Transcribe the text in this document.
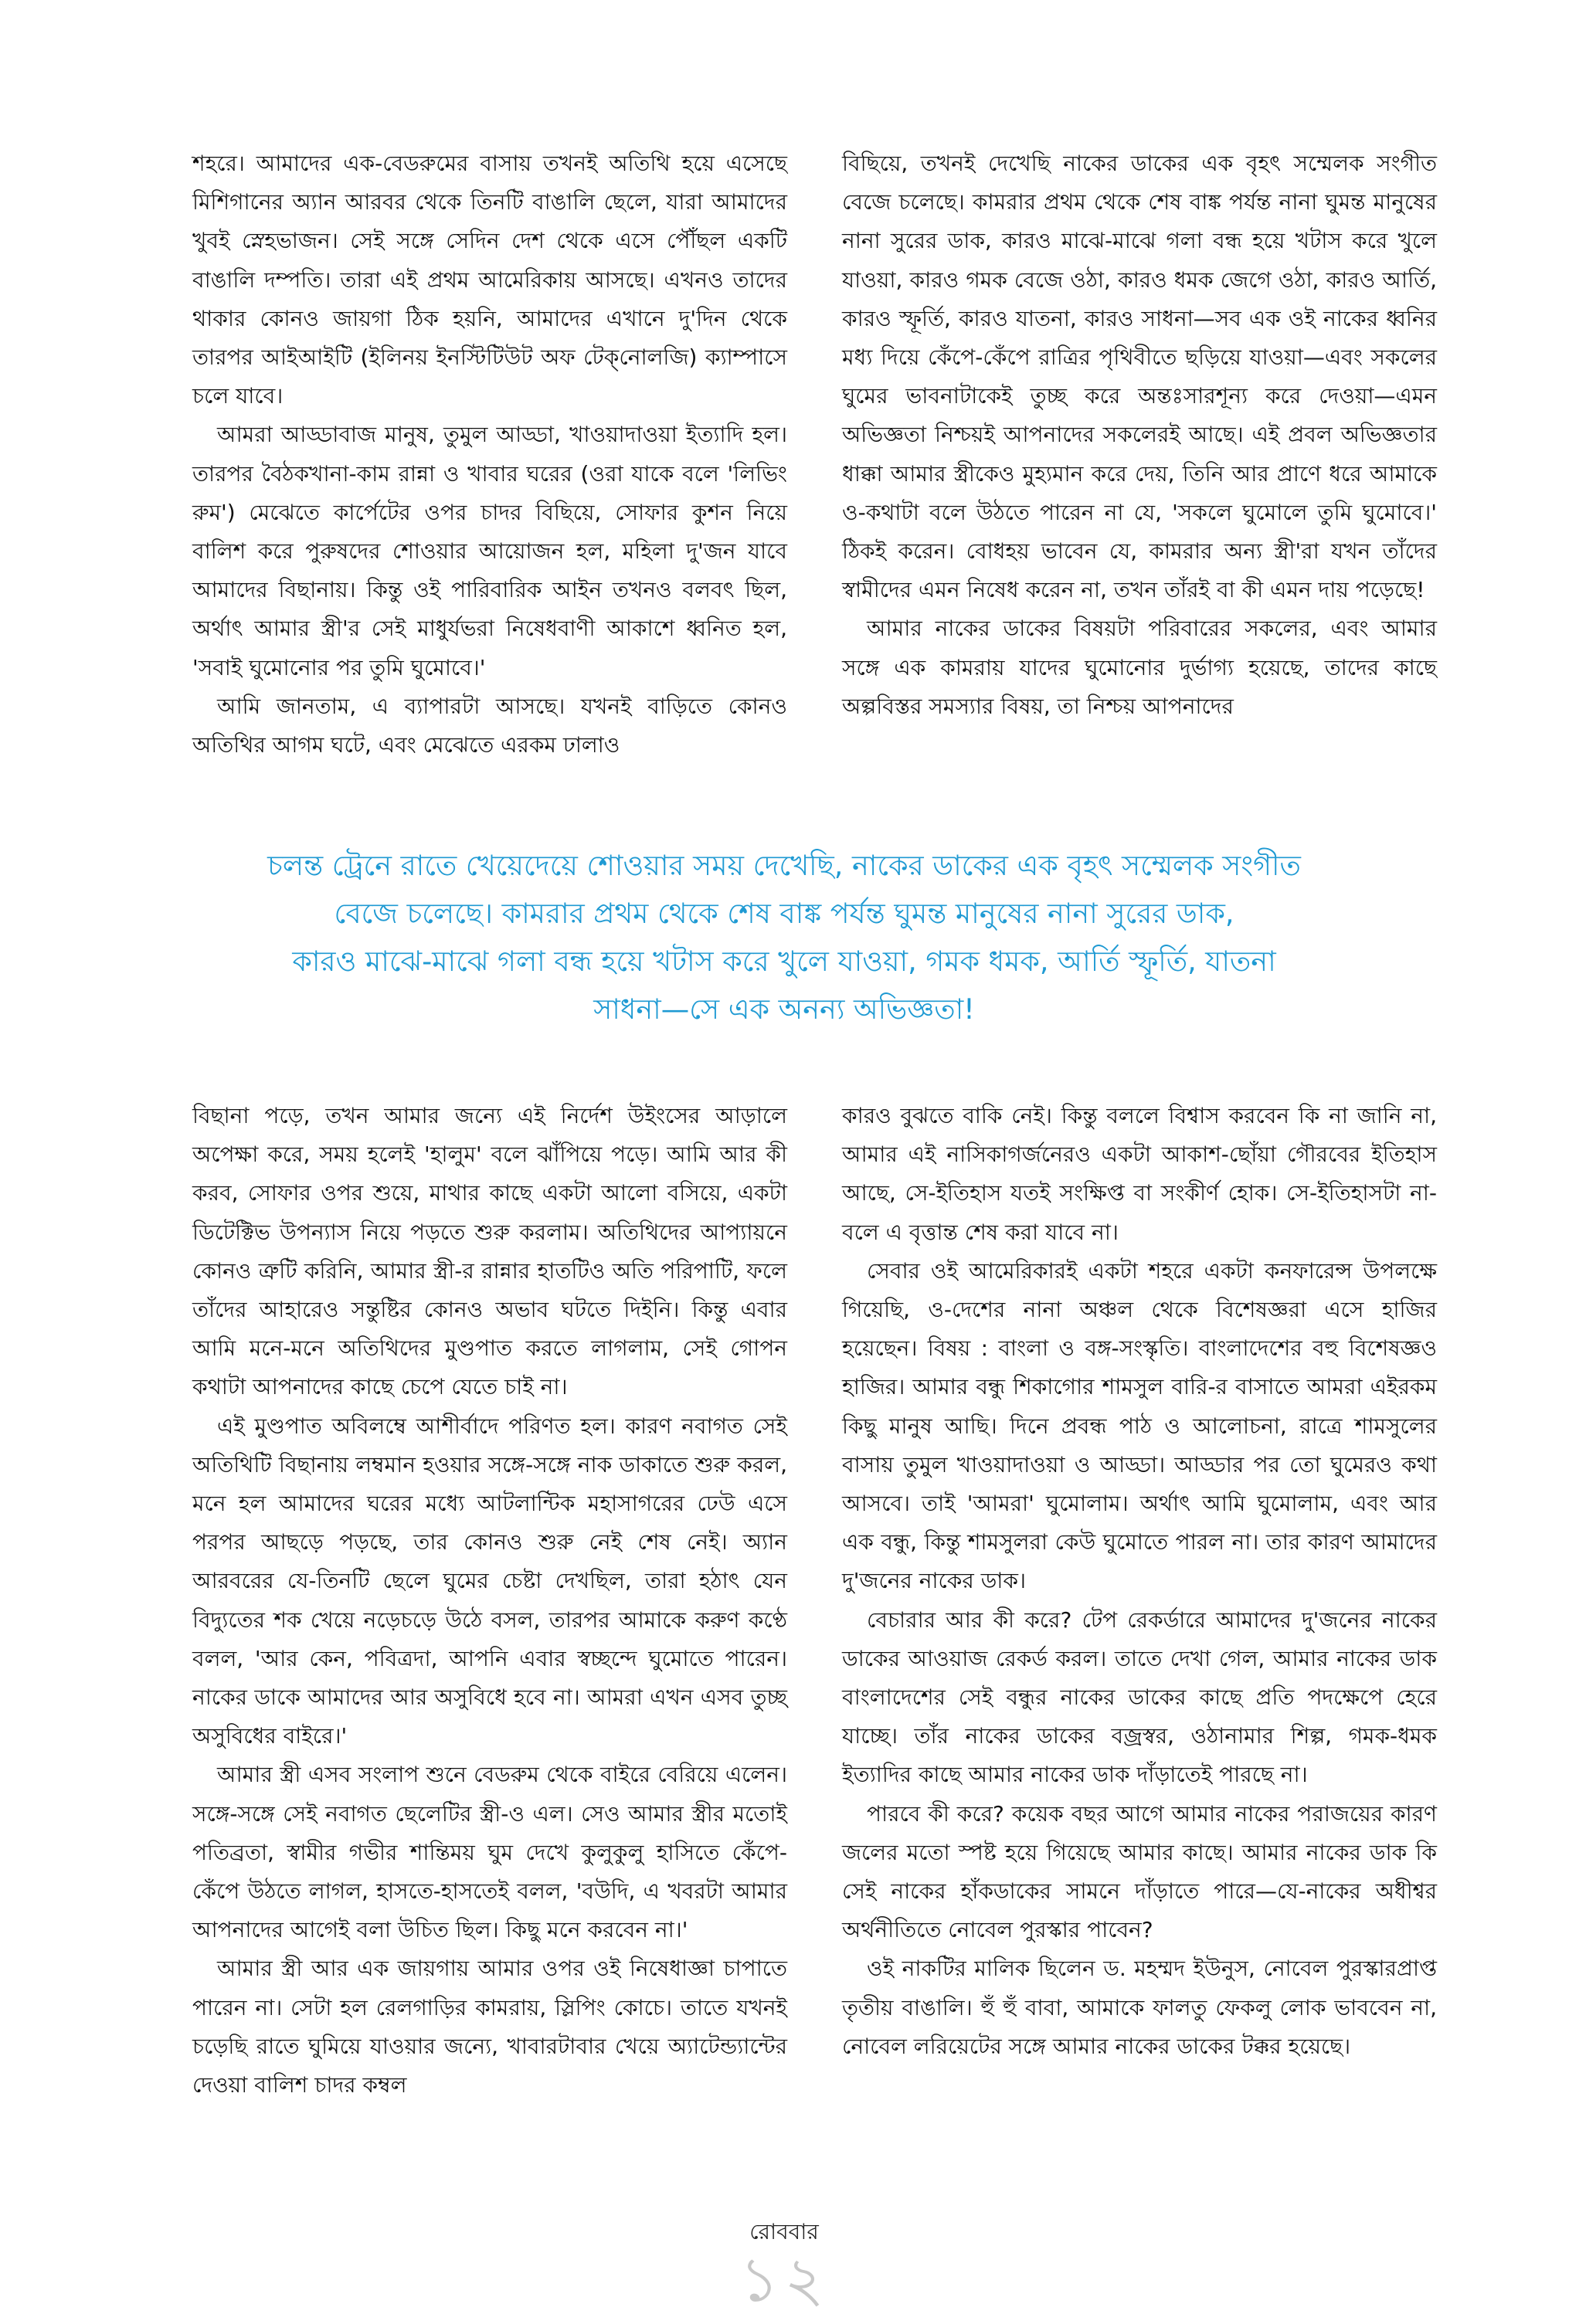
শহরে। আমাদের এক-বেডরুমের বাসায় তখনই অতিথি হয়ে এসেছে মিশিগানের অ্যান আরবর থেকে তিনটি বাঙালি ছেলে, যারা আমাদের খুবই স্নেহভাজন। সেই সঙ্গে সেদিন দেশ থেকে এসে পৌঁছল একটি বাঙালি দম্পতি। তারা এই প্রথম আমেরিকায় আসছে। এখনও তাদের থাকার কোনও জায়গা ঠিক হয়নি, আমাদের এখানে দু'দিন থেকে তারপর আইআইটি (ইলিনয় ইনস্টিটিউট অফ টেক্‌নোলজি) ক্যাম্পাসে চলে যাবে।

আমরা আড্ডাবাজ মানুষ, তুমুল আড্ডা, খাওয়াদাওয়া ইত্যাদি হল। তারপর বৈঠকখানা-কাম রান্না ও খাবার ঘরের (ওরা যাকে বলে 'লিভিং রুম') মেঝেতে কার্পেটের ওপর চাদর বিছিয়ে, সোফার কুশন নিয়ে বালিশ করে পুরুষদের শোওয়ার আয়োজন হল, মহিলা দু'জন যাবে আমাদের বিছানায়। কিন্তু ওই পারিবারিক আইন তখনও বলবৎ ছিল, অর্থাৎ আমার স্ত্রী'র সেই মাধুর্যভরা নিষেধবাণী আকাশে ধ্বনিত হল, 'সবাই ঘুমোনোর পর তুমি ঘুমোবে।'

আমি জানতাম, এ ব্যাপারটা আসছে। যখনই বাড়িতে কোনও অতিথির আগম ঘটে, এবং মেঝেতে এরকম ঢালাও

বিছিয়ে, তখনই দেখেছি নাকের ডাকের এক বৃহৎ সম্মেলক সংগীত বেজে চলেছে। কামরার প্রথম থেকে শেষ বাঙ্ক পর্যন্ত নানা ঘুমন্ত মানুষের নানা সুরের ডাক, কারও মাঝে-মাঝে গলা বন্ধ হয়ে খটাস করে খুলে যাওয়া, কারও গমক বেজে ওঠা, কারও ধমক জেগে ওঠা, কারও আর্তি, কারও স্ফূর্তি, কারও যাতনা, কারও সাধনা—সব এক ওই নাকের ধ্বনির মধ্য দিয়ে কেঁপে-কেঁপে রাত্রির পৃথিবীতে ছড়িয়ে যাওয়া—এবং সকলের ঘুমের ভাবনাটাকেই তুচ্ছ করে অন্তঃসারশূন্য করে দেওয়া—এমন অভিজ্ঞতা নিশ্চয়ই আপনাদের সকলেরই আছে। এই প্রবল অভিজ্ঞতার ধাক্কা আমার স্ত্রীকেও মুহ্যমান করে দেয়, তিনি আর প্রাণে ধরে আমাকে ও-কথাটা বলে উঠতে পারেন না যে, 'সকলে ঘুমোলে তুমি ঘুমোবে।' ঠিকই করেন। বোধহয় ভাবেন যে, কামরার অন্য স্ত্রী'রা যখন তাঁদের স্বামীদের এমন নিষেধ করেন না, তখন তাঁরই বা কী এমন দায় পড়েছে!

আমার নাকের ডাকের বিষয়টা পরিবারের সকলের, এবং আমার সঙ্গে এক কামরায় যাদের ঘুমোনোর দুর্ভাগ্য হয়েছে, তাদের কাছে অল্পবিস্তর সমস্যার বিষয়, তা নিশ্চয় আপনাদের

চলন্ত ট্রেনে রাতে খেয়েদেয়ে শোওয়ার সময় দেখেছি, নাকের ডাকের এক বৃহৎ সম্মেলক সংগীত
বেজে চলেছে। কামরার প্রথম থেকে শেষ বাঙ্ক পর্যন্ত ঘুমন্ত মানুষের নানা সুরের ডাক,
কারও মাঝে-মাঝে গলা বন্ধ হয়ে খটাস করে খুলে যাওয়া, গমক ধমক, আর্তি স্ফূর্তি, যাতনা
সাধনা—সে এক অনন্য অভিজ্ঞতা!

বিছানা পড়ে, তখন আমার জন্যে এই নির্দেশ উইংসের আড়ালে অপেক্ষা করে, সময় হলেই 'হালুম' বলে ঝাঁপিয়ে পড়ে। আমি আর কী করব, সোফার ওপর শুয়ে, মাথার কাছে একটা আলো বসিয়ে, একটা ডিটেক্টিভ উপন্যাস নিয়ে পড়তে শুরু করলাম। অতিথিদের আপ্যায়নে কোনও ত্রুটি করিনি, আমার স্ত্রী-র রান্নার হাতটিও অতি পরিপাটি, ফলে তাঁদের আহারেও সন্তুষ্টির কোনও অভাব ঘটতে দিইনি। কিন্তু এবার আমি মনে-মনে অতিথিদের মুণ্ডপাত করতে লাগলাম, সেই গোপন কথাটা আপনাদের কাছে চেপে যেতে চাই না।

এই মুণ্ডপাত অবিলম্বে আশীর্বাদে পরিণত হল। কারণ নবাগত সেই অতিথিটি বিছানায় লম্বমান হওয়ার সঙ্গে-সঙ্গে নাক ডাকাতে শুরু করল, মনে হল আমাদের ঘরের মধ্যে আটলান্টিক মহাসাগরের ঢেউ এসে পরপর আছড়ে পড়ছে, তার কোনও শুরু নেই শেষ নেই। অ্যান আরবরের যে-তিনটি ছেলে ঘুমের চেষ্টা দেখছিল, তারা হঠাৎ যেন বিদ্যুতের শক খেয়ে নড়েচড়ে উঠে বসল, তারপর আমাকে করুণ কণ্ঠে বলল, 'আর কেন, পবিত্রদা, আপনি এবার স্বচ্ছন্দে ঘুমোতে পারেন। নাকের ডাকে আমাদের আর অসুবিধে হবে না। আমরা এখন এসব তুচ্ছ অসুবিধের বাইরে।'

আমার স্ত্রী এসব সংলাপ শুনে বেডরুম থেকে বাইরে বেরিয়ে এলেন। সঙ্গে-সঙ্গে সেই নবাগত ছেলেটির স্ত্রী-ও এল। সেও আমার স্ত্রীর মতোই পতিব্রতা, স্বামীর গভীর শান্তিময় ঘুম দেখে কুলুকুলু হাসিতে কেঁপে-কেঁপে উঠতে লাগল, হাসতে-হাসতেই বলল, 'বউদি, এ খবরটা আমার আপনাদের আগেই বলা উচিত ছিল। কিছু মনে করবেন না।'

আমার স্ত্রী আর এক জায়গায় আমার ওপর ওই নিষেধাজ্ঞা চাপাতে পারেন না। সেটা হল রেলগাড়ির কামরায়, স্লিপিং কোচে। তাতে যখনই চড়েছি রাতে ঘুমিয়ে যাওয়ার জন্যে, খাবারটাবার খেয়ে অ্যাটেন্ড্যান্টের দেওয়া বালিশ চাদর কম্বল

কারও বুঝতে বাকি নেই। কিন্তু বললে বিশ্বাস করবেন কি না জানি না, আমার এই নাসিকাগর্জনেরও একটা আকাশ-ছোঁয়া গৌরবের ইতিহাস আছে, সে-ইতিহাস যতই সংক্ষিপ্ত বা সংকীর্ণ হোক। সে-ইতিহাসটা না-বলে এ বৃত্তান্ত শেষ করা যাবে না।

সেবার ওই আমেরিকারই একটা শহরে একটা কনফারেন্স উপলক্ষে গিয়েছি, ও-দেশের নানা অঞ্চল থেকে বিশেষজ্ঞরা এসে হাজির হয়েছেন। বিষয় : বাংলা ও বঙ্গ-সংস্কৃতি। বাংলাদেশের বহু বিশেষজ্ঞও হাজির। আমার বন্ধু শিকাগোর শামসুল বারি-র বাসাতে আমরা এইরকম কিছু মানুষ আছি। দিনে প্রবন্ধ পাঠ ও আলোচনা, রাত্রে শামসুলের বাসায় তুমুল খাওয়াদাওয়া ও আড্ডা। আড্ডার পর তো ঘুমেরও কথা আসবে। তাই 'আমরা' ঘুমোলাম। অর্থাৎ আমি ঘুমোলাম, এবং আর এক বন্ধু, কিন্তু শামসুলরা কেউ ঘুমোতে পারল না। তার কারণ আমাদের দু'জনের নাকের ডাক।

বেচারার আর কী করে? টেপ রেকর্ডারে আমাদের দু'জনের নাকের ডাকের আওয়াজ রেকর্ড করল। তাতে দেখা গেল, আমার নাকের ডাক বাংলাদেশের সেই বন্ধুর নাকের ডাকের কাছে প্রতি পদক্ষেপে হেরে যাচ্ছে। তাঁর নাকের ডাকের বজ্রস্বর, ওঠানামার শিল্প, গমক-ধমক ইত্যাদির কাছে আমার নাকের ডাক দাঁড়াতেই পারছে না।

পারবে কী করে? কয়েক বছর আগে আমার নাকের পরাজয়ের কারণ জলের মতো স্পষ্ট হয়ে গিয়েছে আমার কাছে। আমার নাকের ডাক কি সেই নাকের হাঁকডাকের সামনে দাঁড়াতে পারে—যে-নাকের অধীশ্বর অর্থনীতিতে নোবেল পুরস্কার পাবেন?

ওই নাকটির মালিক ছিলেন ড. মহম্মদ ইউনুস, নোবেল পুরস্কারপ্রাপ্ত তৃতীয় বাঙালি। হুঁ হুঁ বাবা, আমাকে ফালতু ফেকলু লোক ভাববেন না, নোবেল লরিয়েটের সঙ্গে আমার নাকের ডাকের টক্কর হয়েছে।

রোববার
১২
